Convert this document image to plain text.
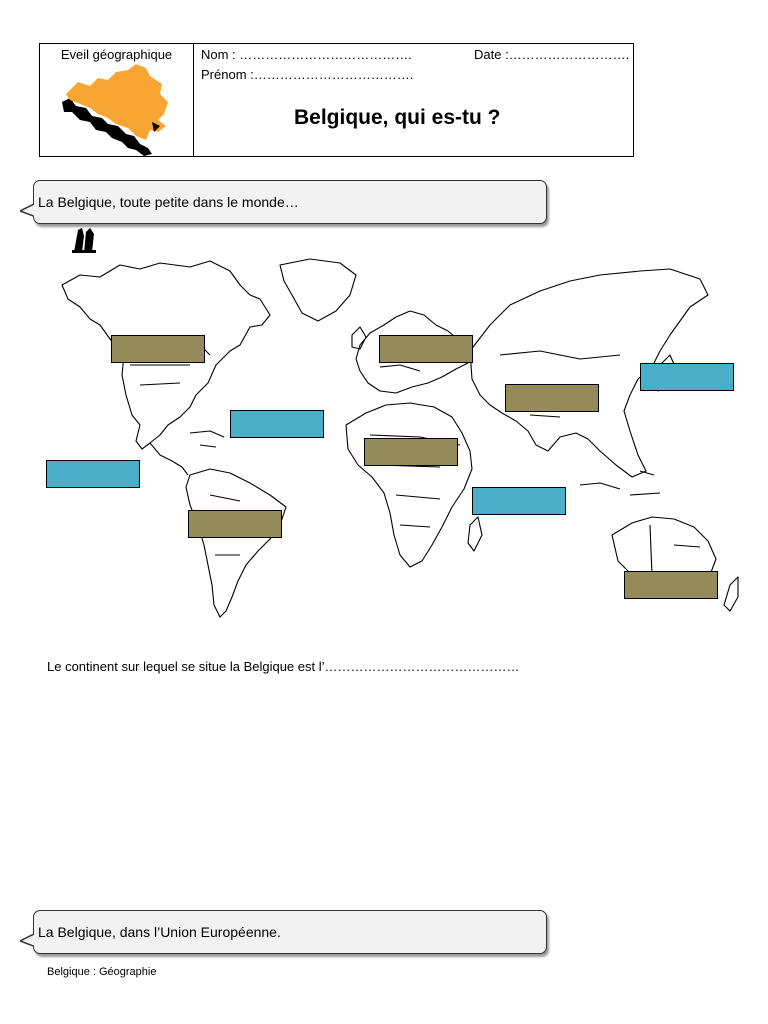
Eveil géographique	Nom : ………………………………….	Date :……………………….
Prénom :……………………………….
Belgique, qui es-tu ?
La Belgique, toute petite dans le monde…
Le continent sur lequel se situe la Belgique est l’………………………………………
La Belgique, dans l’Union Européenne.
Belgique : Géographie
